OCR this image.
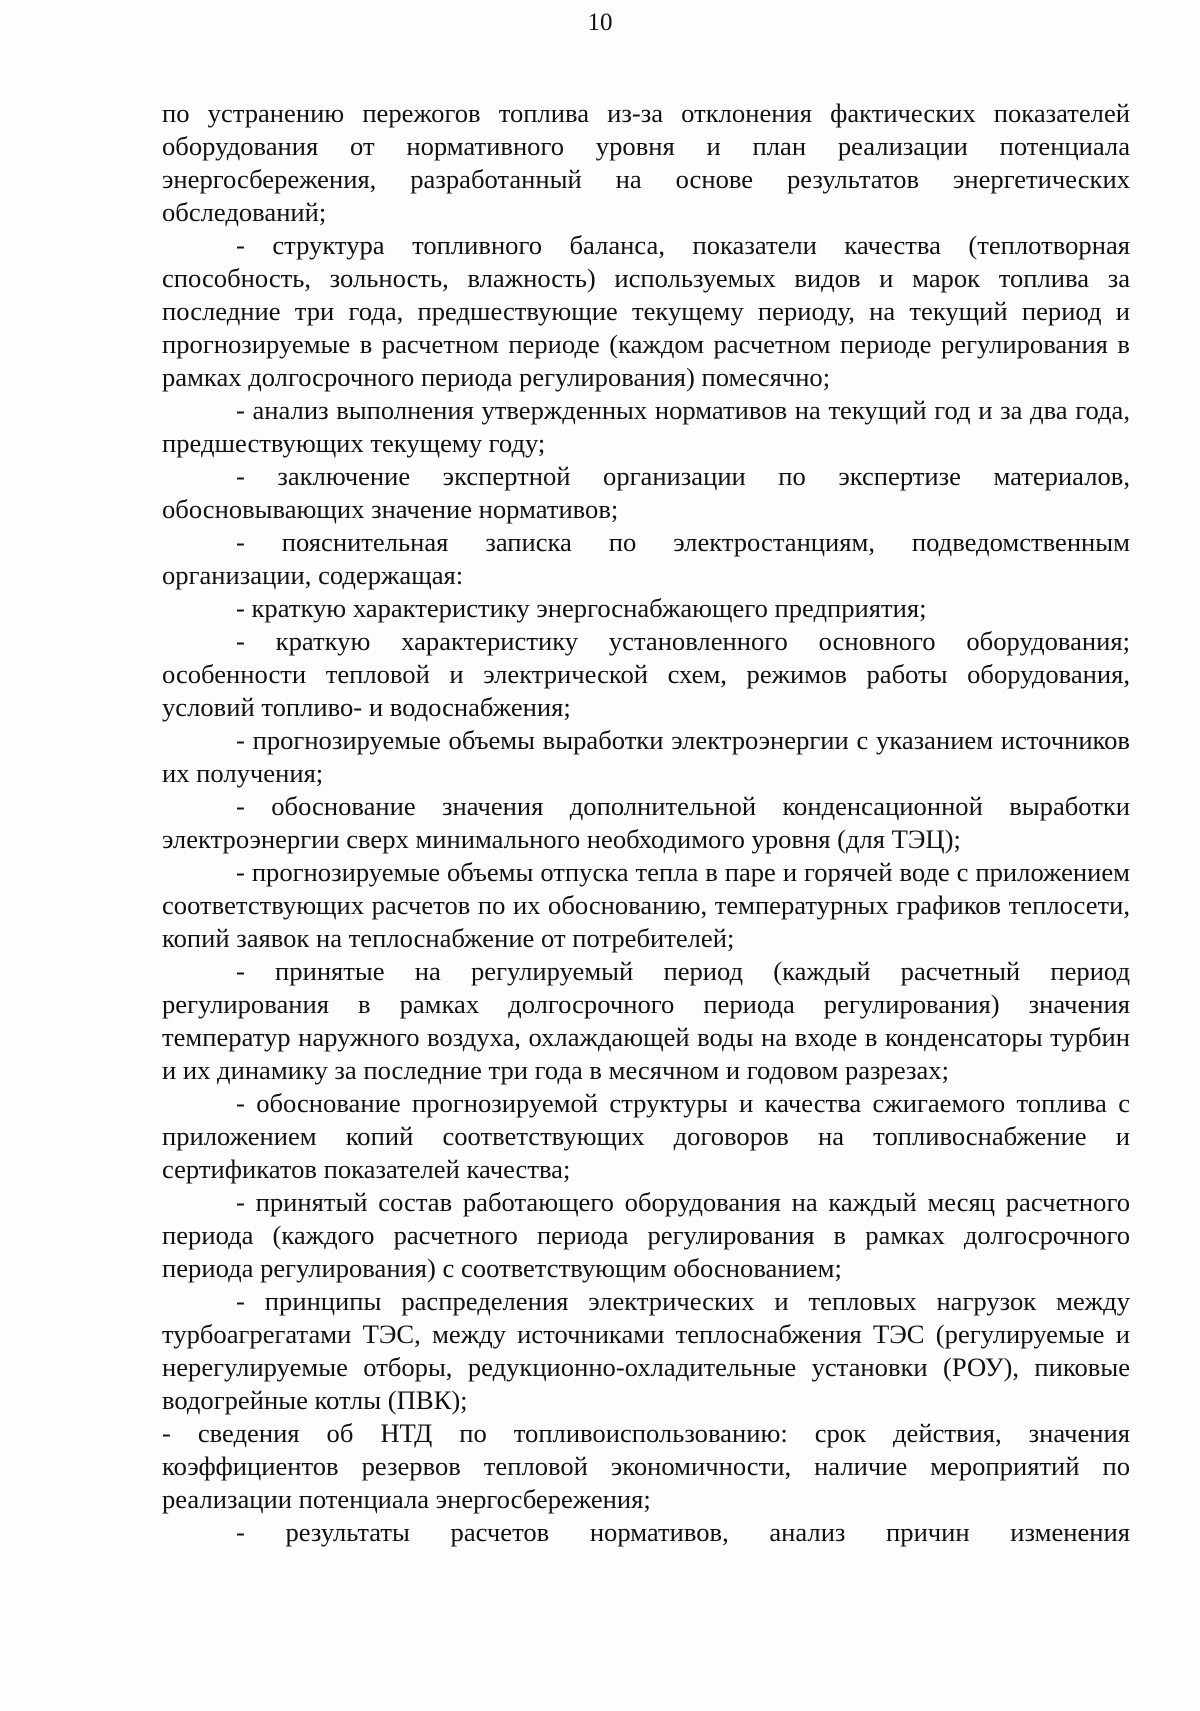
10

по устранению пережогов топлива из-за отклонения фактических показателей оборудования от нормативного уровня и план реализации потенциала энергосбережения, разработанный на основе результатов энергетических обследований;

- структура топливного баланса, показатели качества (теплотворная способность, зольность, влажность) используемых видов и марок топлива за последние три года, предшествующие текущему периоду, на текущий период и прогнозируемые в расчетном периоде (каждом расчетном периоде регулирования в рамках долгосрочного периода регулирования) помесячно;

- анализ выполнения утвержденных нормативов на текущий год и за два года, предшествующих текущему году;

- заключение экспертной организации по экспертизе материалов, обосновывающих значение нормативов;

- пояснительная записка по электростанциям, подведомственным организации, содержащая:

- краткую характеристику энергоснабжающего предприятия;

- краткую характеристику установленного основного оборудования; особенности тепловой и электрической схем, режимов работы оборудования, условий топливо- и водоснабжения;

- прогнозируемые объемы выработки электроэнергии с указанием источников их получения;

- обоснование значения дополнительной конденсационной выработки электроэнергии сверх минимального необходимого уровня (для ТЭЦ);

- прогнозируемые объемы отпуска тепла в паре и горячей воде с приложением соответствующих расчетов по их обоснованию, температурных графиков теплосети, копий заявок на теплоснабжение от потребителей;

- принятые на регулируемый период (каждый расчетный период регулирования в рамках долгосрочного периода регулирования) значения температур наружного воздуха, охлаждающей воды на входе в конденсаторы турбин и их динамику за последние три года в месячном и годовом разрезах;

- обоснование прогнозируемой структуры и качества сжигаемого топлива с приложением копий соответствующих договоров на топливоснабжение и сертификатов показателей качества;

- принятый состав работающего оборудования на каждый месяц расчетного периода (каждого расчетного периода регулирования в рамках долгосрочного периода регулирования) с соответствующим обоснованием;

- принципы распределения электрических и тепловых нагрузок между турбоагрегатами ТЭС, между источниками теплоснабжения ТЭС (регулируемые и нерегулируемые отборы, редукционно-охладительные установки (РОУ), пиковые водогрейные котлы (ПВК);

- сведения об НТД по топливоиспользованию: срок действия, значения коэффициентов резервов тепловой экономичности, наличие мероприятий по реализации потенциала энергосбережения;

- результаты расчетов нормативов, анализ причин изменения
